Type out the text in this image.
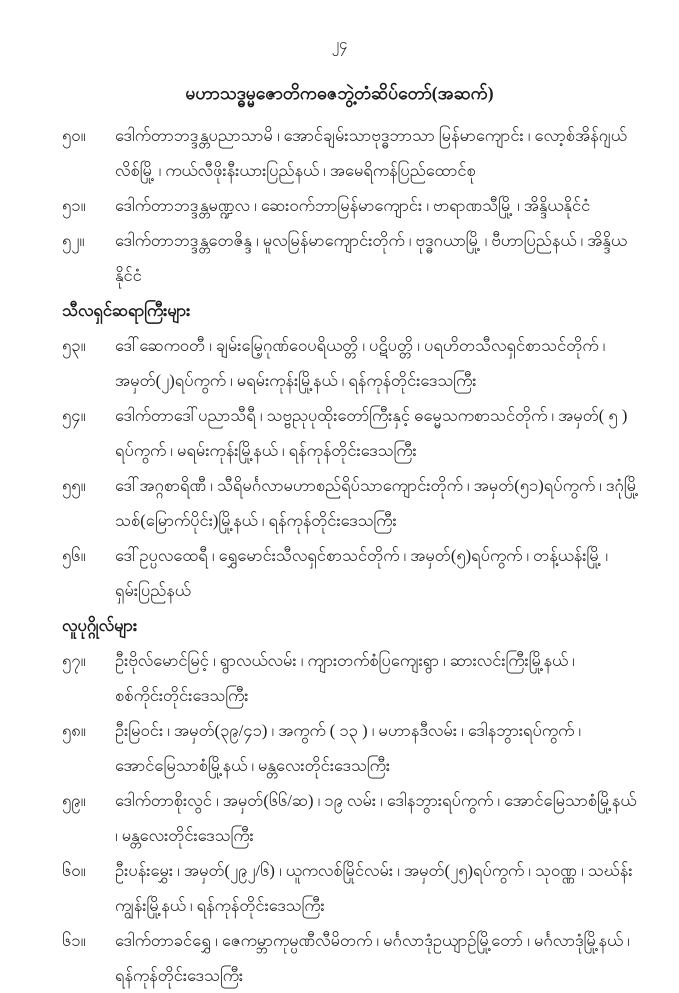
၂၄
မဟာသဒ္ဓမ္မဇောတိကဓဇဘွဲ့တံဆိပ်တော်(အဆက်)
၅၀။	ဒေါက်တာဘဒ္ဒန္တပညာသာမိ ၊ အောင်ချမ်းသာဗုဒ္ဓဘာသာ မြန်မာကျောင်း ၊ လော့စ်အိန်ဂျယ်လိစ်မြို့ ၊ ကယ်လီဖိုးနီးယားပြည်နယ် ၊ အမေရိကန်ပြည်ထောင်စု
၅၁။	ဒေါက်တာဘဒ္ဒန္တမဏ္ဍလ ၊ ဆေးဝက်ဘာမြန်မာကျောင်း ၊ ဗာရာဏသီမြို့ ၊ အိန္ဒိယနိုင်ငံ
၅၂။	ဒေါက်တာဘဒ္ဒန္တတေဇိန္ဒ ၊ မူလမြန်မာကျောင်းတိုက် ၊ ဗုဒ္ဓဂယာမြို့ ၊ ဗီဟာပြည်နယ် ၊ အိန္ဒိယနိုင်ငံ
သီလရှင်ဆရာကြီးများ
၅၃။	ဒေါ်ဆေကဝတီ ၊ ချမ်းမြေ့ဂုဏ်ဝေပရိယတ္တိ ၊ ပဋိပတ္တိ ၊ ပရဟိတသီလရှင်စာသင်တိုက် ၊ အမှတ်(၂)ရပ်ကွက် ၊ မရမ်းကုန်းမြို့နယ် ၊ ရန်ကုန်တိုင်းဒေသကြီး
၅၄။	ဒေါက်တာဒေါ်ပညာသီရီ ၊ သဗ္ဗညုပုထိုးတော်ကြီးနှင့် ဓမ္မေသကစာသင်တိုက် ၊ အမှတ်( ၅ ) ရပ်ကွက် ၊ မရမ်းကုန်းမြို့နယ် ၊ ရန်ကုန်တိုင်းဒေသကြီး
၅၅။	ဒေါ်အဂ္ဂစာရိဏီ ၊ သီရိမင်္ဂလာမဟာစည်ရိပ်သာကျောင်းတိုက် ၊ အမှတ်(၅၁)ရပ်ကွက် ၊ ဒဂုံမြို့သစ်(မြောက်ပိုင်း)မြို့နယ် ၊ ရန်ကုန်တိုင်းဒေသကြီး
၅၆။	ဒေါ်ဥပ္ပလထေရီ ၊ ရွှေမောင်းသီလရှင်စာသင်တိုက် ၊ အမှတ်(၅)ရပ်ကွက် ၊ တန့်ယန်းမြို့ ၊ ရှမ်းပြည်နယ်
လူပုဂ္ဂိုလ်များ
၅၇။	ဦးဗိုလ်မောင်မြင့် ၊ ရွာလယ်လမ်း ၊ ကျားတက်စံပြကျေးရွာ ၊ ဆားလင်းကြီးမြို့နယ် ၊ စစ်ကိုင်းတိုင်းဒေသကြီး
၅၈။	ဦးမြဝင်း ၊ အမှတ်(၃၉/၄၁) ၊ အကွက် ( ၁၃ ) ၊ မဟာနဒီလမ်း ၊ ဒေါနဘွားရပ်ကွက် ၊ အောင်မြေသာစံမြို့နယ် ၊ မန္တလေးတိုင်းဒေသကြီး
၅၉။	ဒေါက်တာစိုးလွင် ၊ အမှတ်(၆၆/ဆ) ၊ ၁၉ လမ်း ၊ ဒေါနဘွားရပ်ကွက် ၊ အောင်မြေသာစံမြို့နယ် ၊ မန္တလေးတိုင်းဒေသကြီး
၆၀။	ဦးပန်းမွှေး ၊ အမှတ်(၂၉၂/၆) ၊ ယူကလစ်မြိုင်လမ်း ၊ အမှတ်(၂၅)ရပ်ကွက် ၊ သုဝဏ္ဏ ၊ သဃ်န်းကျွန်းမြို့နယ် ၊ ရန်ကုန်တိုင်းဒေသကြီး
၆၁။	ဒေါက်တာခင်ရွှေ ၊ ဇေကမ္ဘာကုမ္ပဏီလီမိတက် ၊ မင်္ဂလာဒုံဥယျာဉ်မြို့တော် ၊ မင်္ဂလာဒုံမြို့နယ် ၊ ရန်ကုန်တိုင်းဒေသကြီး
